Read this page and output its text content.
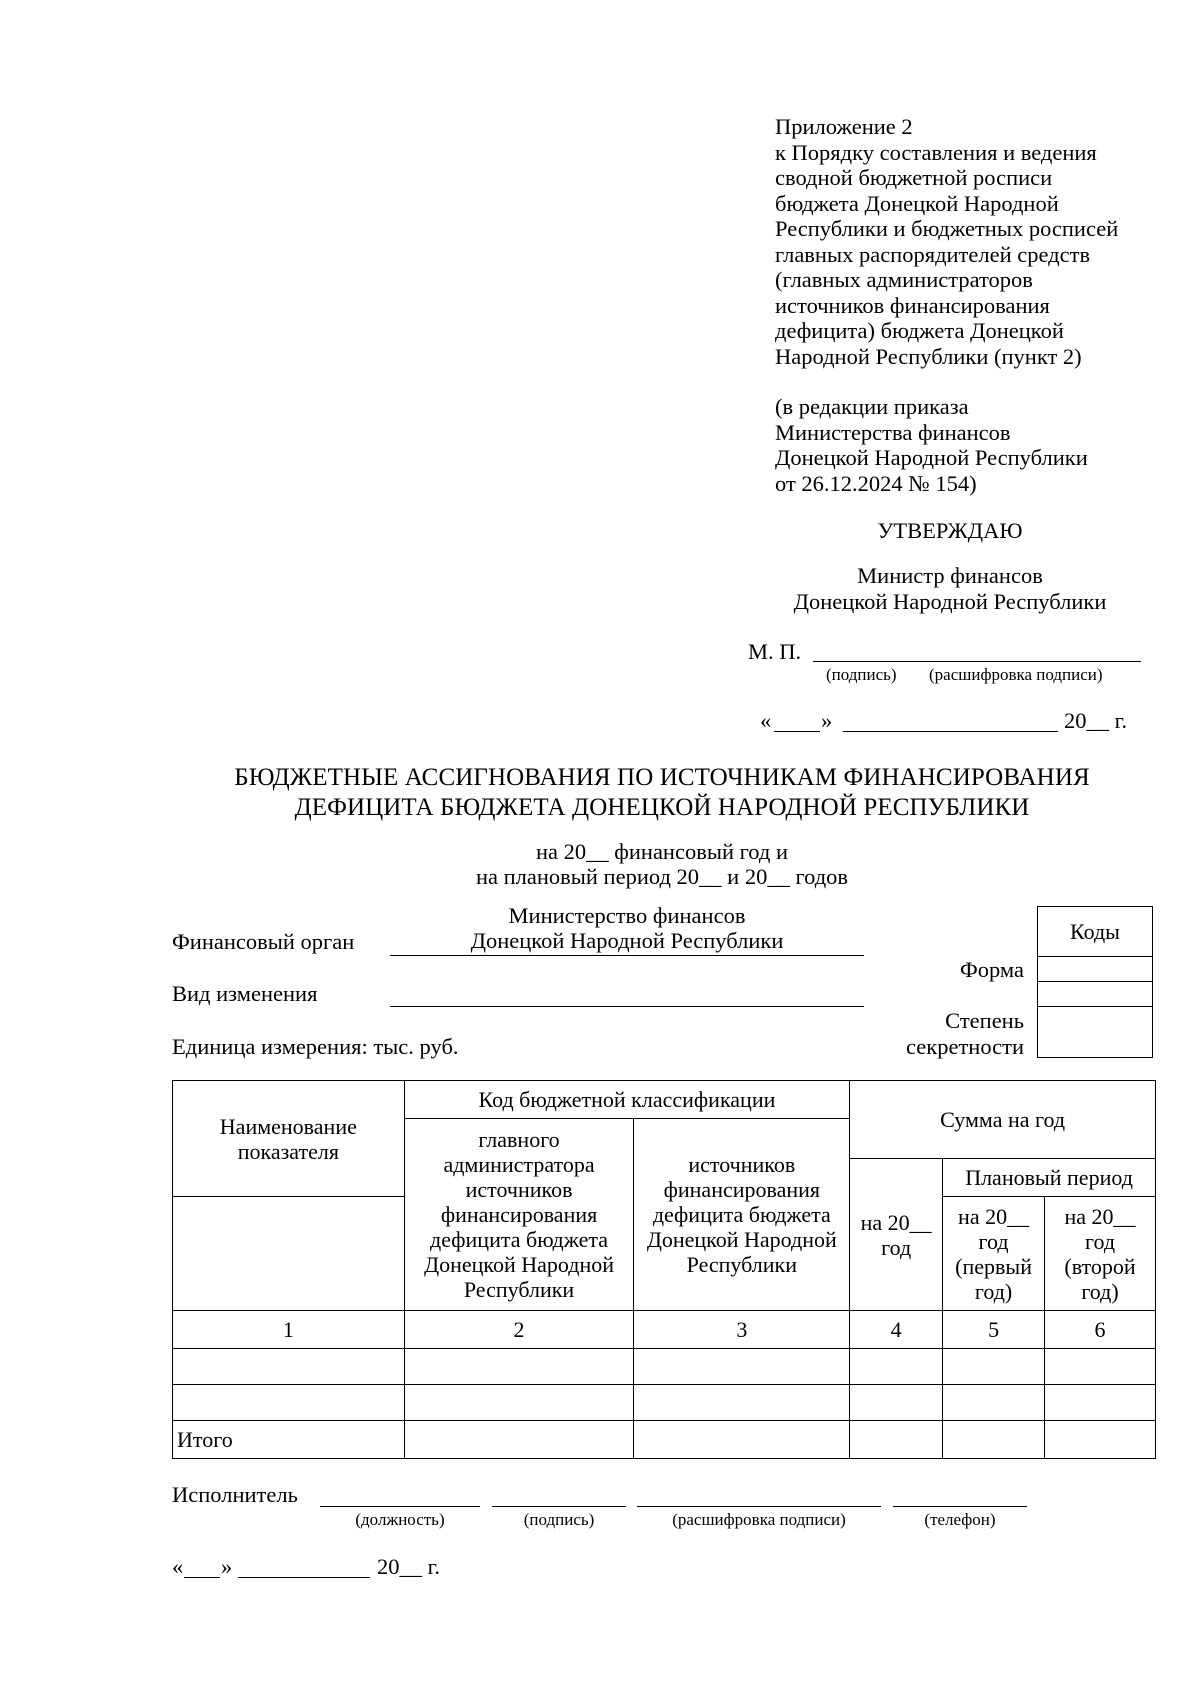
Приложение 2
к Порядку составления и ведения
сводной бюджетной росписи
бюджета Донецкой Народной
Республики и бюджетных росписей
главных распорядителей средств
(главных администраторов
источников финансирования
дефицита) бюджета Донецкой
Народной Республики (пункт 2)
(в редакции приказа
Министерства финансов
Донецкой Народной Республики
от 26.12.2024 № 154)
УТВЕРЖДАЮ
Министр финансов
Донецкой Народной Республики
М. П.
(подпись) (расшифровка подписи)
« »	20__ г.
БЮДЖЕТНЫЕ АССИГНОВАНИЯ ПО ИСТОЧНИКАМ ФИНАНСИРОВАНИЯ
ДЕФИЦИТА БЮДЖЕТА ДОНЕЦКОЙ НАРОДНОЙ РЕСПУБЛИКИ
на 20__ финансовый год и
на плановый период 20__ и 20__ годов
Министерство финансов
Донецкой Народной Республики
Финансовый орган
Вид изменения
Единица измерения: тыс. руб.
Форма
Степень
секретности
Коды

Наименование показателя	Код бюджетной классификации		Сумма на год		
	главного администратора источников финансирования дефицита бюджета Донецкой Народной Республики	источников финансирования дефицита бюджета Донецкой Народной Республики			
			на 20__ год	Плановый период	
				на 20__ год (первый год)	на 20__ год (второй год)
1	2	3	4	5	6

Итого					
Исполнитель
(должность)	(подпись)	(расшифровка подписи)	(телефон)
« »	20__ г.
